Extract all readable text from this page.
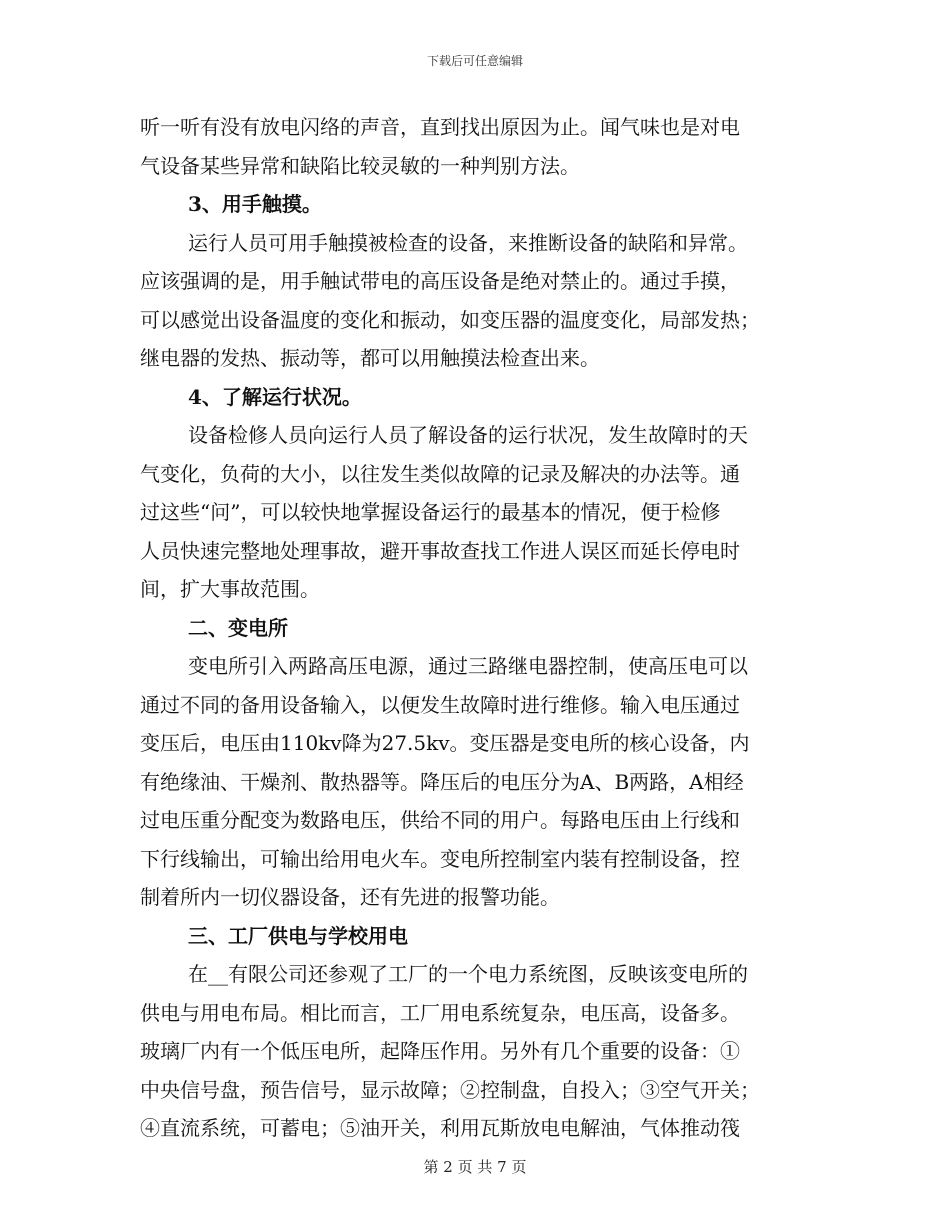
下载后可任意编辑
听一听有没有放电闪络的声音，直到找出原因为止。闻气味也是对电
气设备某些异常和缺陷比较灵敏的一种判别方法。
3、用手触摸。
运行人员可用手触摸被检查的设备，来推断设备的缺陷和异常。
应该强调的是，用手触试带电的高压设备是绝对禁止的。通过手摸，
可以感觉出设备温度的变化和振动，如变压器的温度变化，局部发热；
继电器的发热、振动等，都可以用触摸法检查出来。
4、了解运行状况。
设备检修人员向运行人员了解设备的运行状况，发生故障时的天
气变化，负荷的大小，以往发生类似故障的记录及解决的办法等。通
过这些“问”，可以较快地掌握设备运行的最基本的情况，便于检修
人员快速完整地处理事故，避开事故查找工作进人误区而延长停电时
间，扩大事故范围。
二、变电所
变电所引入两路高压电源，通过三路继电器控制，使高压电可以
通过不同的备用设备输入，以便发生故障时进行维修。输入电压通过
变压后，电压由110kv降为27.5kv。变压器是变电所的核心设备，内
有绝缘油、干燥剂、散热器等。降压后的电压分为A、B两路，A相经
过电压重分配变为数路电压，供给不同的用户。每路电压由上行线和
下行线输出，可输出给用电火车。变电所控制室内装有控制设备，控
制着所内一切仪器设备，还有先进的报警功能。
三、工厂供电与学校用电
在__有限公司还参观了工厂的一个电力系统图，反映该变电所的
供电与用电布局。相比而言，工厂用电系统复杂，电压高，设备多。
玻璃厂内有一个低压电所，起降压作用。另外有几个重要的设备：①
中央信号盘，预告信号，显示故障；②控制盘，自投入；③空气开关；
④直流系统，可蓄电；⑤油开关，利用瓦斯放电电解油，气体推动筏
第 2 页 共 7 页
